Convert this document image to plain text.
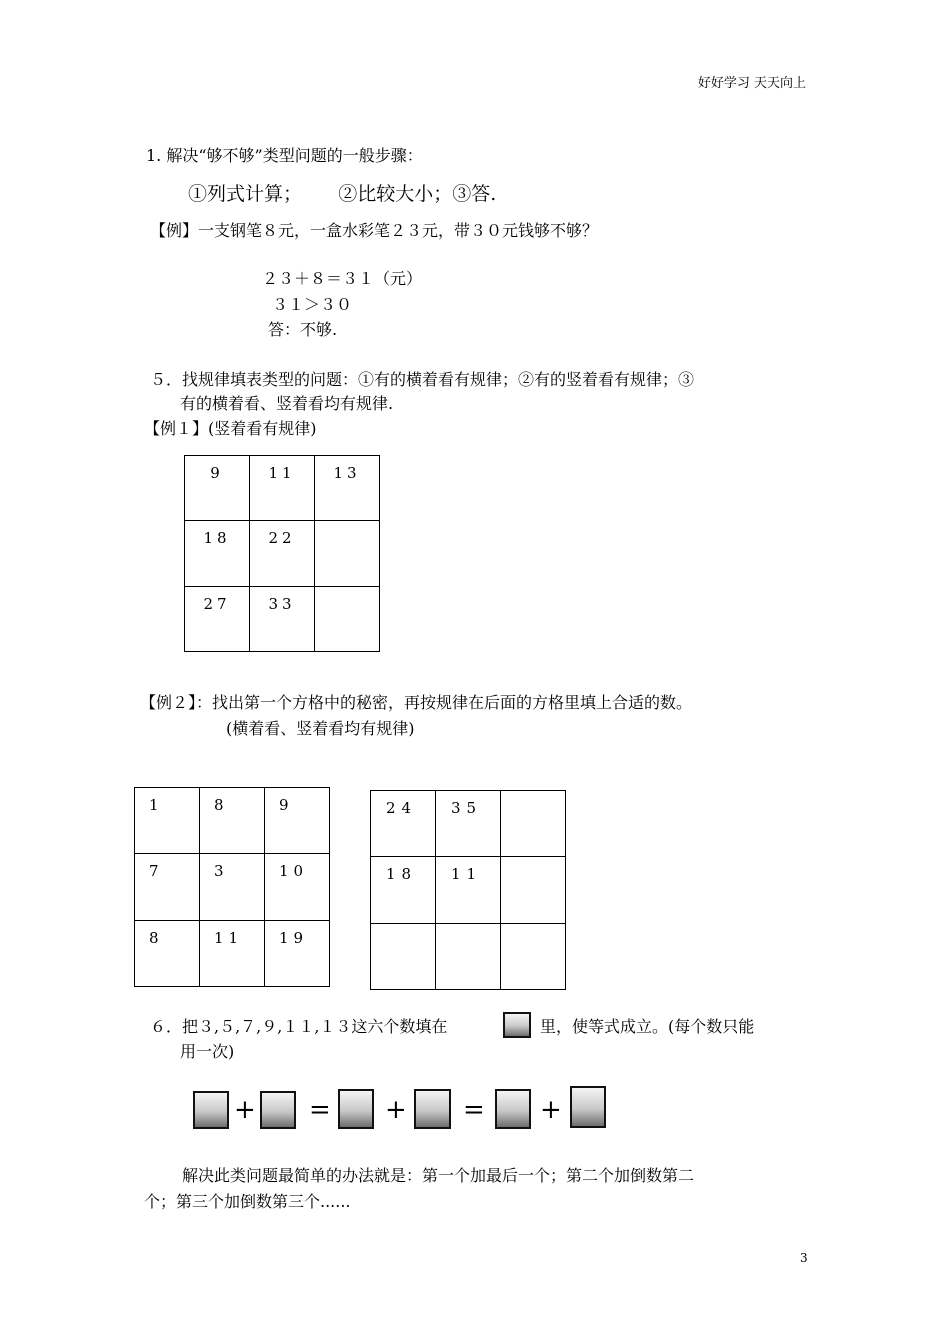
好好学习 天天向上
1. 解决“够不够”类型问题的一般步骤：
①列式计算；      ②比较大小；③答.
【例】一支钢笔８元，一盒水彩笔２３元，带３０元钱够不够？
２３＋８＝３１（元）
３１＞３０
答：不够.
５．找规律填表类型的问题：①有的横着看有规律；②有的竖着看有规律；③
有的横着看、竖着看均有规律.
【例１】(竖着看有规律)
9	11	13

18	22	

27	33	

【例２】：找出第一个方格中的秘密，再按规律在后面的方格里填上合适的数。
(横着看、竖着看均有规律)
1	8	9

7	3	10

8	11	19
24	35	

18	11	

６．把３,５,７,９,１１,１３这六个数填在	里，使等式成立。(每个数只能
用一次)
+ = + = +
解决此类问题最简单的办法就是：第一个加最后一个；第二个加倒数第二
个；第三个加倒数第三个......
3
